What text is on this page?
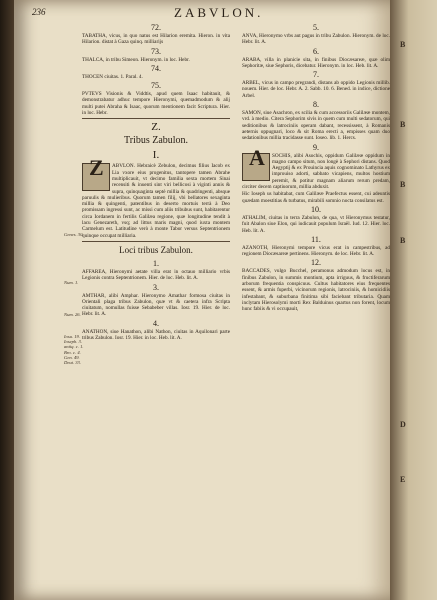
236	ZABVLON.
72.
TABATHA, vicus, in quo natus est Hilarion eremita. Hieron. in vita Hilarion. distat à Gaza quinq. milliarijs
73.
THALCA, in tribu Simeon. Hieronym. in loc. Hebr.
74.
THOCEN ciuitas. 1. Paral. 4.
75.
PVTEVS Visionis & Viddtis, apud quem Isaac habitauit, & demonstrabatur adhuc tempore Hieronymi, quemadmodum & alij multi putei Abraha & Isaac, quorum mentionem facit Scriptura. Hier. in loc. Hebr.
Z.
Tribus Zabulon.
I.
Z ABVLON. Hebraicè Zebulon, decimus filius Iacob ex Lia vxore eius progenitus, tantopere tamen Abrahe multiplicauit, vt decimo familia sexta mortem Sinai recensiti & inuenti sint viri bellicosi à viginti annis & supra, quinquaginta septè millia & quadringenti, absque paruulis & mulieribus. Quorum tamen filij, vbi bellatores sexaginta millia & quingenti, patentibus in deserto mortuis terrà à Deo promissam ingressi sunt, ac missi cum aliis tribubus sunt, habitarentur circa Iordanem in fertilis Galilæa regione, quæ longitudine tendit à lacu Genezareth, vsq; ad littus maris magni, quod iuxta montem Carmelum est. Latitudine verò à monte Tabor versus Septentrionem quinque occupat milliaria.
Loci tribus Zabulon.
1.
AFFAREA, Hieronymi aetate villa erat in octauo milliario vrbis Legionis contra Septentrionem. Hier. de loc. Heb. lit. A.
3.
AMTHAR, alibi Amphar. Hieronymo Amathar formosa ciuitas in Orientali plaga tribus Zabulon, quæ vt & caetera infra Scripta ciuitatum, nomullas fuisse Sebabeber villas. Iosr. 19. Hier. de loc. Hebr. lit. A.
4.
ANATHON, siue Hanathon, alibi Nathon, ciuitas in Aquilonari parte tribus Zabulon. Iosr. 19. Hier. in loc. Heb. lit. A.
5.
ANVA, Hieronymo vrbs aut pagus in tribu Zabulon. Hieronym. de loc. Hebr. lit. A.
6.
ARABA, villa in planicie sita, in finibus Diocæsareæ, quæ olim Sephoritæ, siue Sephoris, dicebatur. Hieronym. in loc. Heb. lit. A.
7.
ARBEL, vicus in campo pregrandi, distans ab oppido Legionis millib. nouem. Hier. de loc. Hebr. A. 2. Sabb. 10. 6. Bened. in indice, dictione Arbel.
8.
SAMON, siue Asachron, ex scilia & cum accessoriis Galilææ montem, vrd. à medio. Citera Sephorim sivis in quem cum multi sedatorum, qui seditionibus & latrociniis operam dabant, recessissent, à Romanis aeternis oppugnari, loco & sit Roma erecti a, empisses quam duo sedationibus millia tracidasse sunt. Ioseo. lib. 1. Hercs.
9.
A SOCHIS, alibi Asochis, oppidum Galilææ oppidum in magno campo situm, non longè à Sephori distans. Quod Aegyptij & ex Prouincia aquis cognominato Lathyrus ex improuiso adorti, sabbato vicapiens, multos hostium peremit, & potitur magnam aliarum rerum predam, circiter decem captiuorum, millia abduxit.
Hic Ioseph us habitabat, cum Galilææ Praefectus essent, cui adeuntis quædam moestitias & turbatus, mirabili somnio nocta consilatus est.
10.
ATHALIM, ciuitas in terra Zabulon, de qua, vt Hieronymus testatur, fuit Abalon siue Elon, qui iudicauit populum Israël. Iud. 12. Hier. loc. Heb. lit. A.
11.
AZANOTH, Hieronymi tempore vicus erat in campestribus, ad regionem Diocæsareæ pertinens. Hieronym. de loc. Hebr. lit. A.
12.
BACCADES, vulgo Bucchel, peramonus admodum locus est, in finibus Zabulon, in summis montium, apta irriguus, & fructiferarum arborum frequentia conspicuus. Cultus habitatores eius frequentes essent, & armis fuperbi, vicinorum regionis, latrociniis, & homicidiis infestabant, & suburbana finitima sibi faciebant tributaria. Quam inclytam Hierosolymi morti Rex Balduinus quartus non forent, locum hunc fabiis & vi occupauit,
Genes. 30.
Num. 1.
Num. 26.
Iosu. 19. Ioseph. 3. antiq. c. 1. Bro. c. 4. Gen. 49. Deut. 33.
B
B
B
B
D
E
